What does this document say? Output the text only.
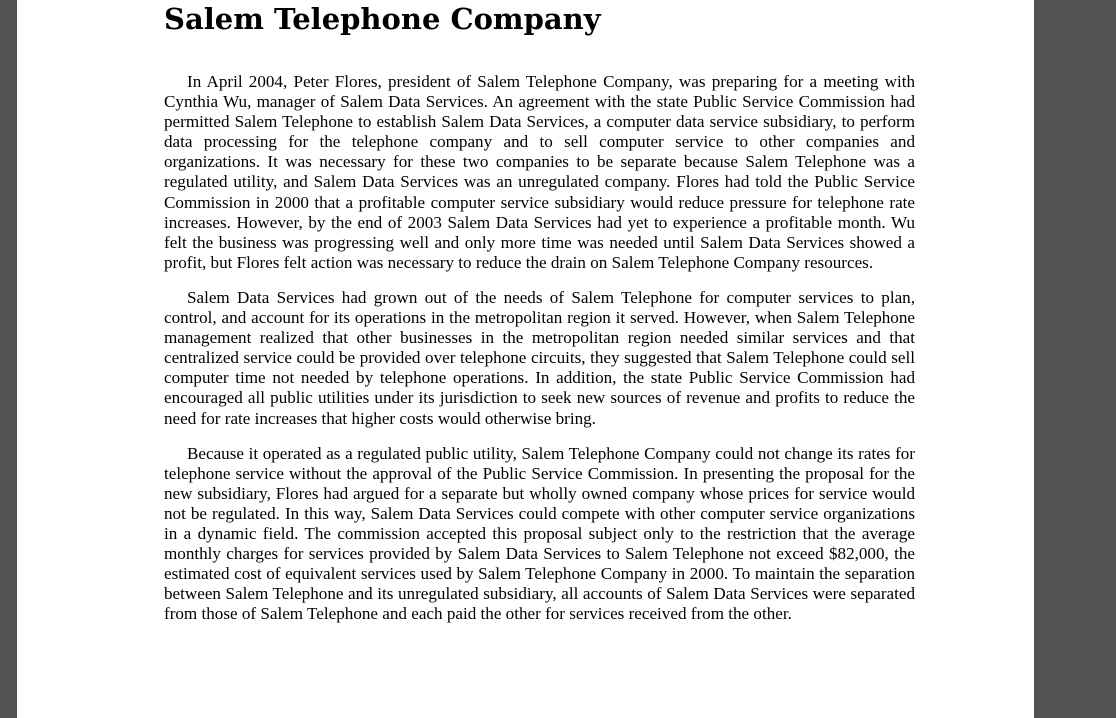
Salem Telephone Company

In April 2004, Peter Flores, president of Salem Telephone Company, was preparing for a meeting with Cynthia Wu, manager of Salem Data Services. An agreement with the state Public Service Commission had permitted Salem Telephone to establish Salem Data Services, a computer data service subsidiary, to perform data processing for the telephone company and to sell computer service to other companies and organizations. It was necessary for these two companies to be separate because Salem Telephone was a regulated utility, and Salem Data Services was an unregulated company. Flores had told the Public Service Commission in 2000 that a profitable computer service subsidiary would reduce pressure for telephone rate increases. However, by the end of 2003 Salem Data Services had yet to experience a profitable month. Wu felt the business was progressing well and only more time was needed until Salem Data Services showed a profit, but Flores felt action was necessary to reduce the drain on Salem Telephone Company resources.

Salem Data Services had grown out of the needs of Salem Telephone for computer services to plan, control, and account for its operations in the metropolitan region it served. However, when Salem Telephone management realized that other businesses in the metropolitan region needed similar services and that centralized service could be provided over telephone circuits, they suggested that Salem Telephone could sell computer time not needed by telephone operations. In addition, the state Public Service Commission had encouraged all public utilities under its jurisdiction to seek new sources of revenue and profits to reduce the need for rate increases that higher costs would otherwise bring.

Because it operated as a regulated public utility, Salem Telephone Company could not change its rates for telephone service without the approval of the Public Service Commission. In presenting the proposal for the new subsidiary, Flores had argued for a separate but wholly owned company whose prices for service would not be regulated. In this way, Salem Data Services could compete with other computer service organizations in a dynamic field. The commission accepted this proposal subject only to the restriction that the average monthly charges for services provided by Salem Data Services to Salem Telephone not exceed $82,000, the estimated cost of equivalent services used by Salem Telephone Company in 2000. To maintain the separation between Salem Telephone and its unregulated subsidiary, all accounts of Salem Data Services were separated from those of Salem Telephone and each paid the other for services received from the other.
